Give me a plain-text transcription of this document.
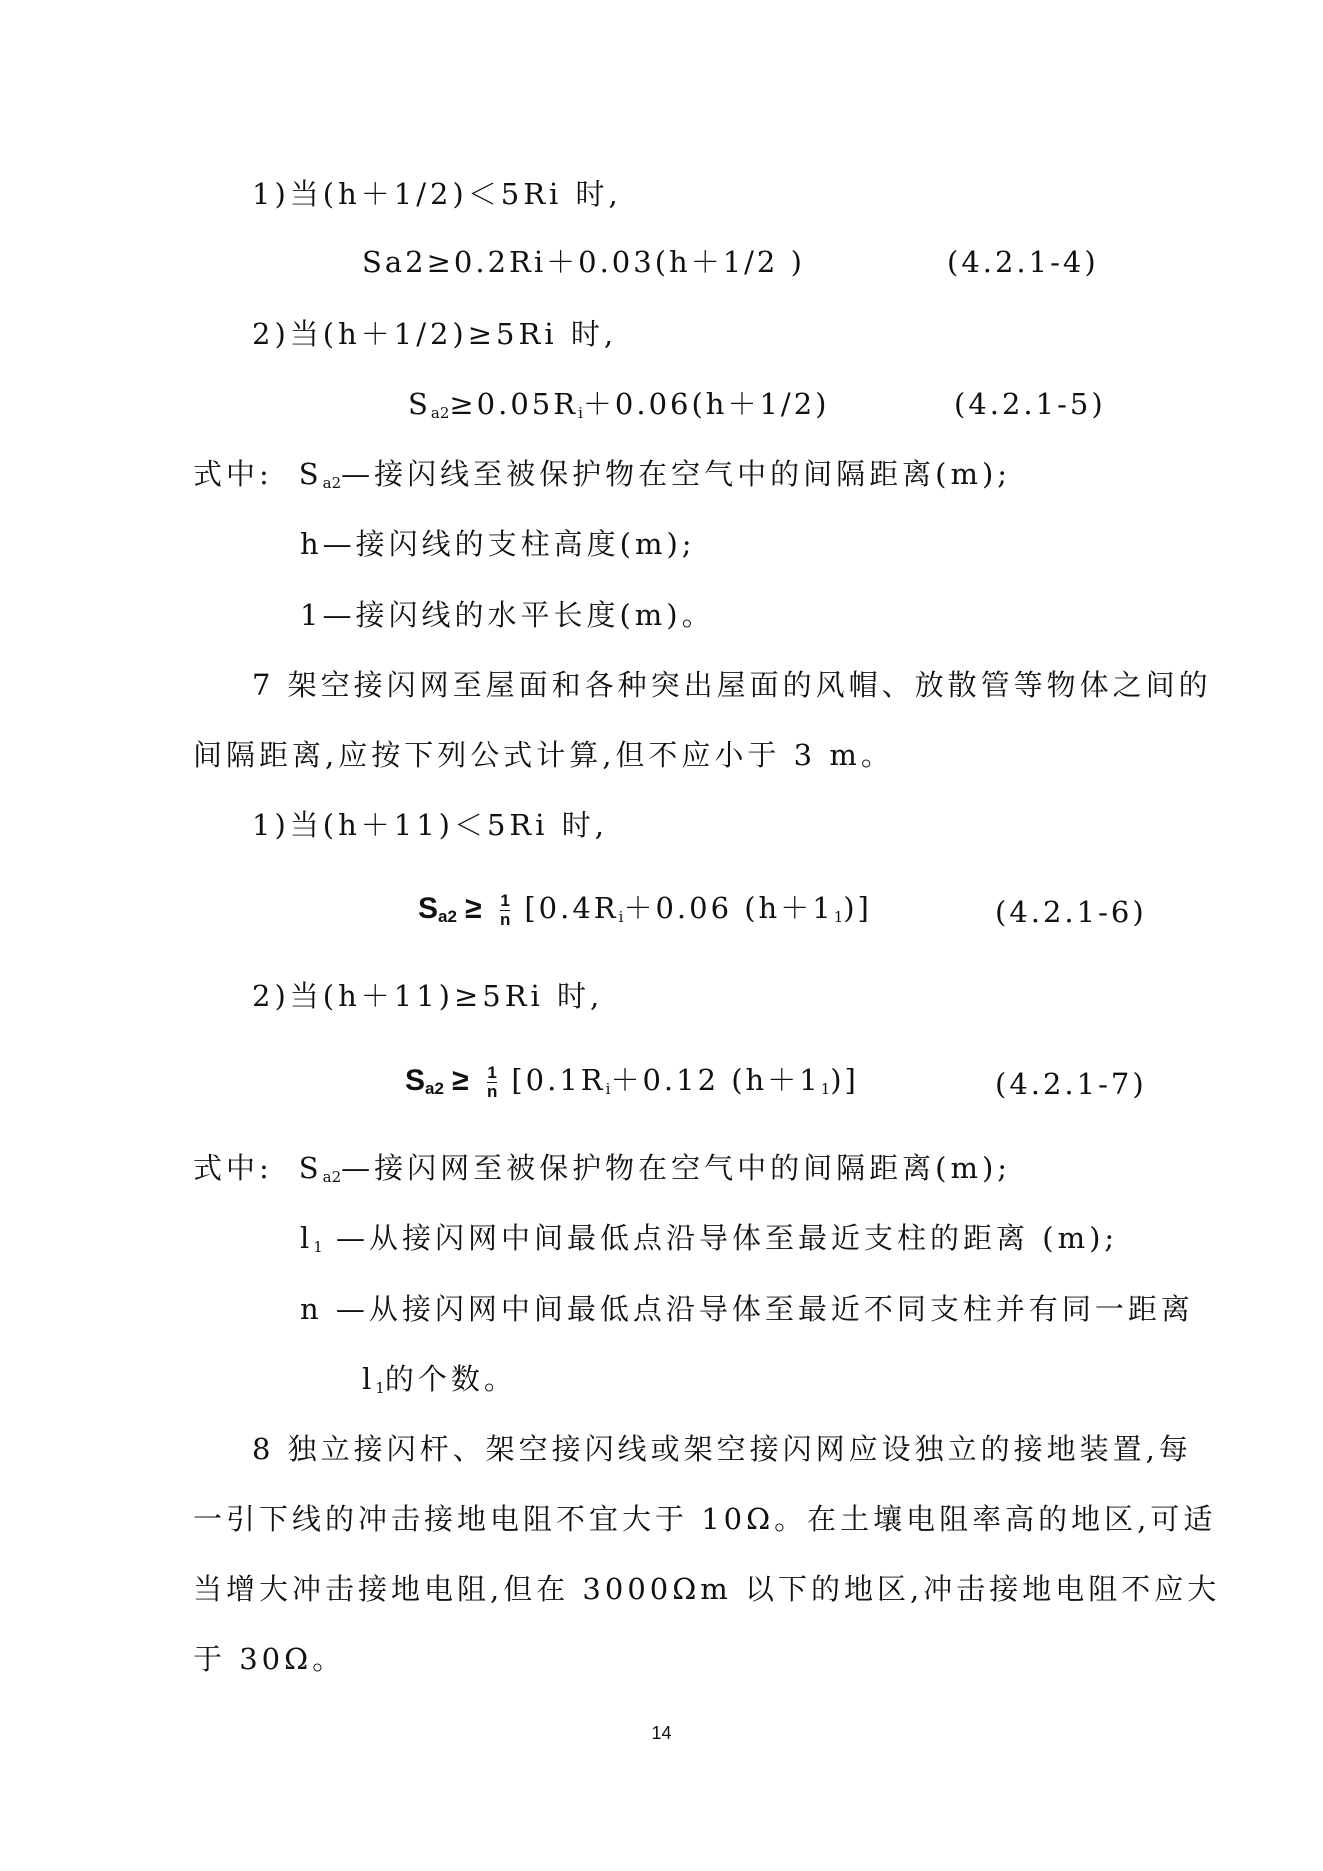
1)当(h＋1/2)＜5Ri 时,
Sa2≥0.2Ri＋0.03(h＋1/2 )	(4.2.1-4)
2)当(h＋1/2)≥5Ri 时,
$S_{a2}\ge 0.05R_i+0.06(h+1/2)$	(4.2.1-5)
式中: $S_{a2}—$接闪线至被保护物在空气中的间隔距离(m);
h—接闪线的支柱高度(m);
1—接闪线的水平长度(m)。
7 架空接闪网至屋面和各种突出屋面的风帽、放散管等物体之间的
间隔距离,应按下列公式计算,但不应小于 3 m。
1)当(h＋11)＜5Ri 时,
$S_{a2} \ge \frac{1}{n} [0.4R_i+0.06$ $(h+1_1)$]	(4.2.1-6)
2)当(h＋11)≥5Ri 时,
$S_{a2} \ge \frac{1}{n} [0.1R_i+0.12$ $(h+1_1)$]	(4.2.1-7)
式中: $S_{a2}—$接闪网至被保护物在空气中的间隔距离(m);
$l_1$ —从接闪网中间最低点沿导体至最近支柱的距离 (m);
n —从接闪网中间最低点沿导体至最近不同支柱并有同一距离
$l_1$的个数。
8 独立接闪杆、架空接闪线或架空接闪网应设独立的接地装置,每
一引下线的冲击接地电阻不宜大于 10Ω。在土壤电阻率高的地区,可适
当增大冲击接地电阻,但在 3000Ωm 以下的地区,冲击接地电阻不应大
于 30Ω。
14
